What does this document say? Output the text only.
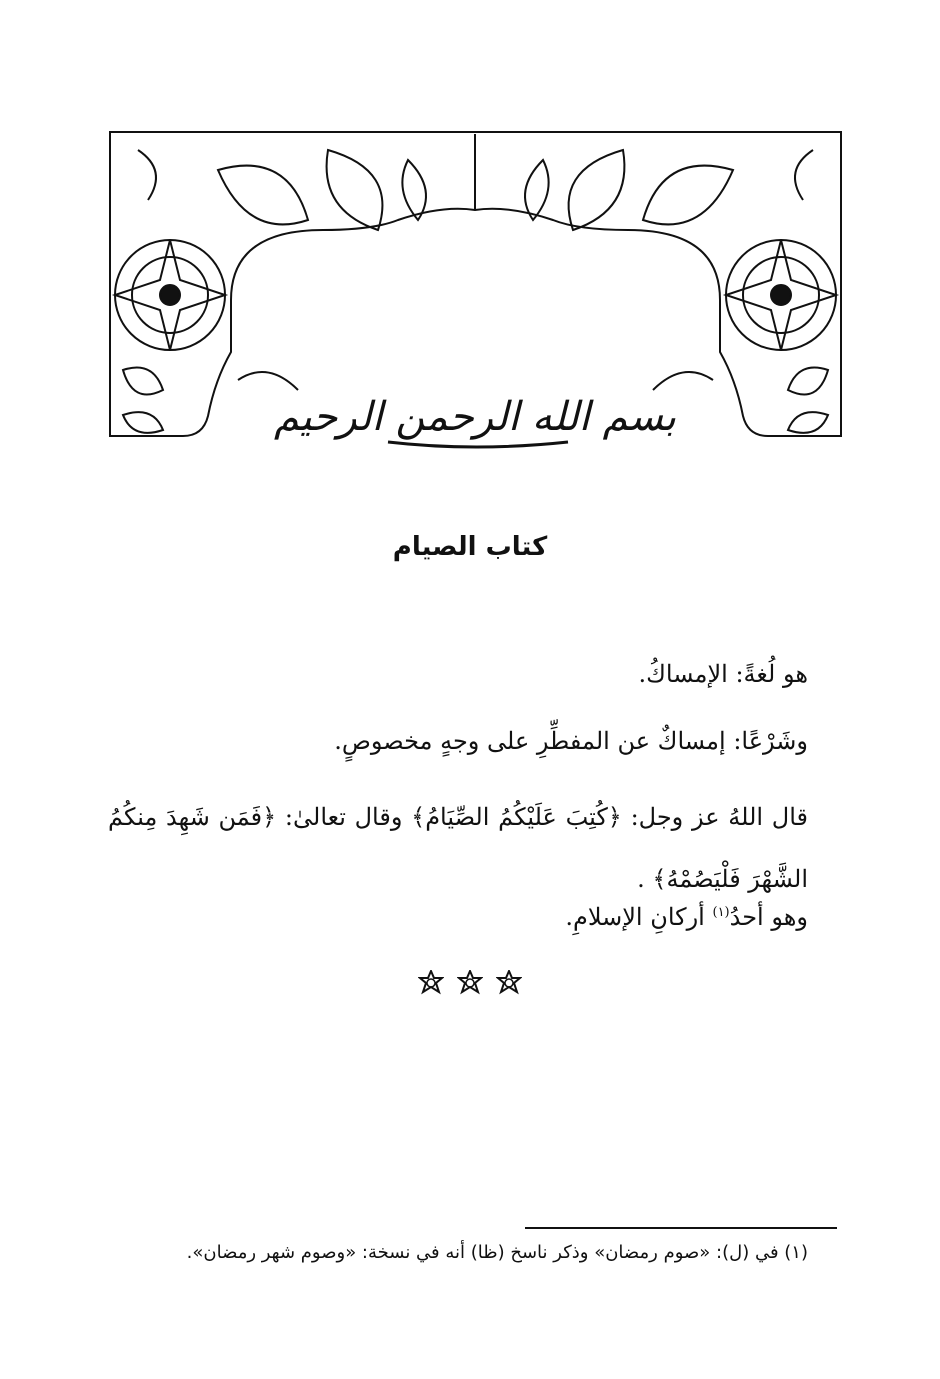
بسم الله الرحمن الرحيم
كتاب الصيام
هو لُغةً: الإمساكُ.
وشَرْعًا: إمساكٌ عن المفطِّرِ على وجهٍ مخصوصٍ.
قال اللهُ عز وجل: ﴿كُتِبَ عَلَيْكُمُ الصِّيَامُ﴾ وقال تعالىٰ: ﴿فَمَن شَهِدَ مِنكُمُ الشَّهْرَ فَلْيَصُمْهُ﴾ .
وهو أحدُ$^{(١)}$ أركانِ الإسلامِ.

(١) في (ل): «صوم رمضان» وذكر ناسخ (ظا) أنه في نسخة: «وصوم شهر رمضان».
